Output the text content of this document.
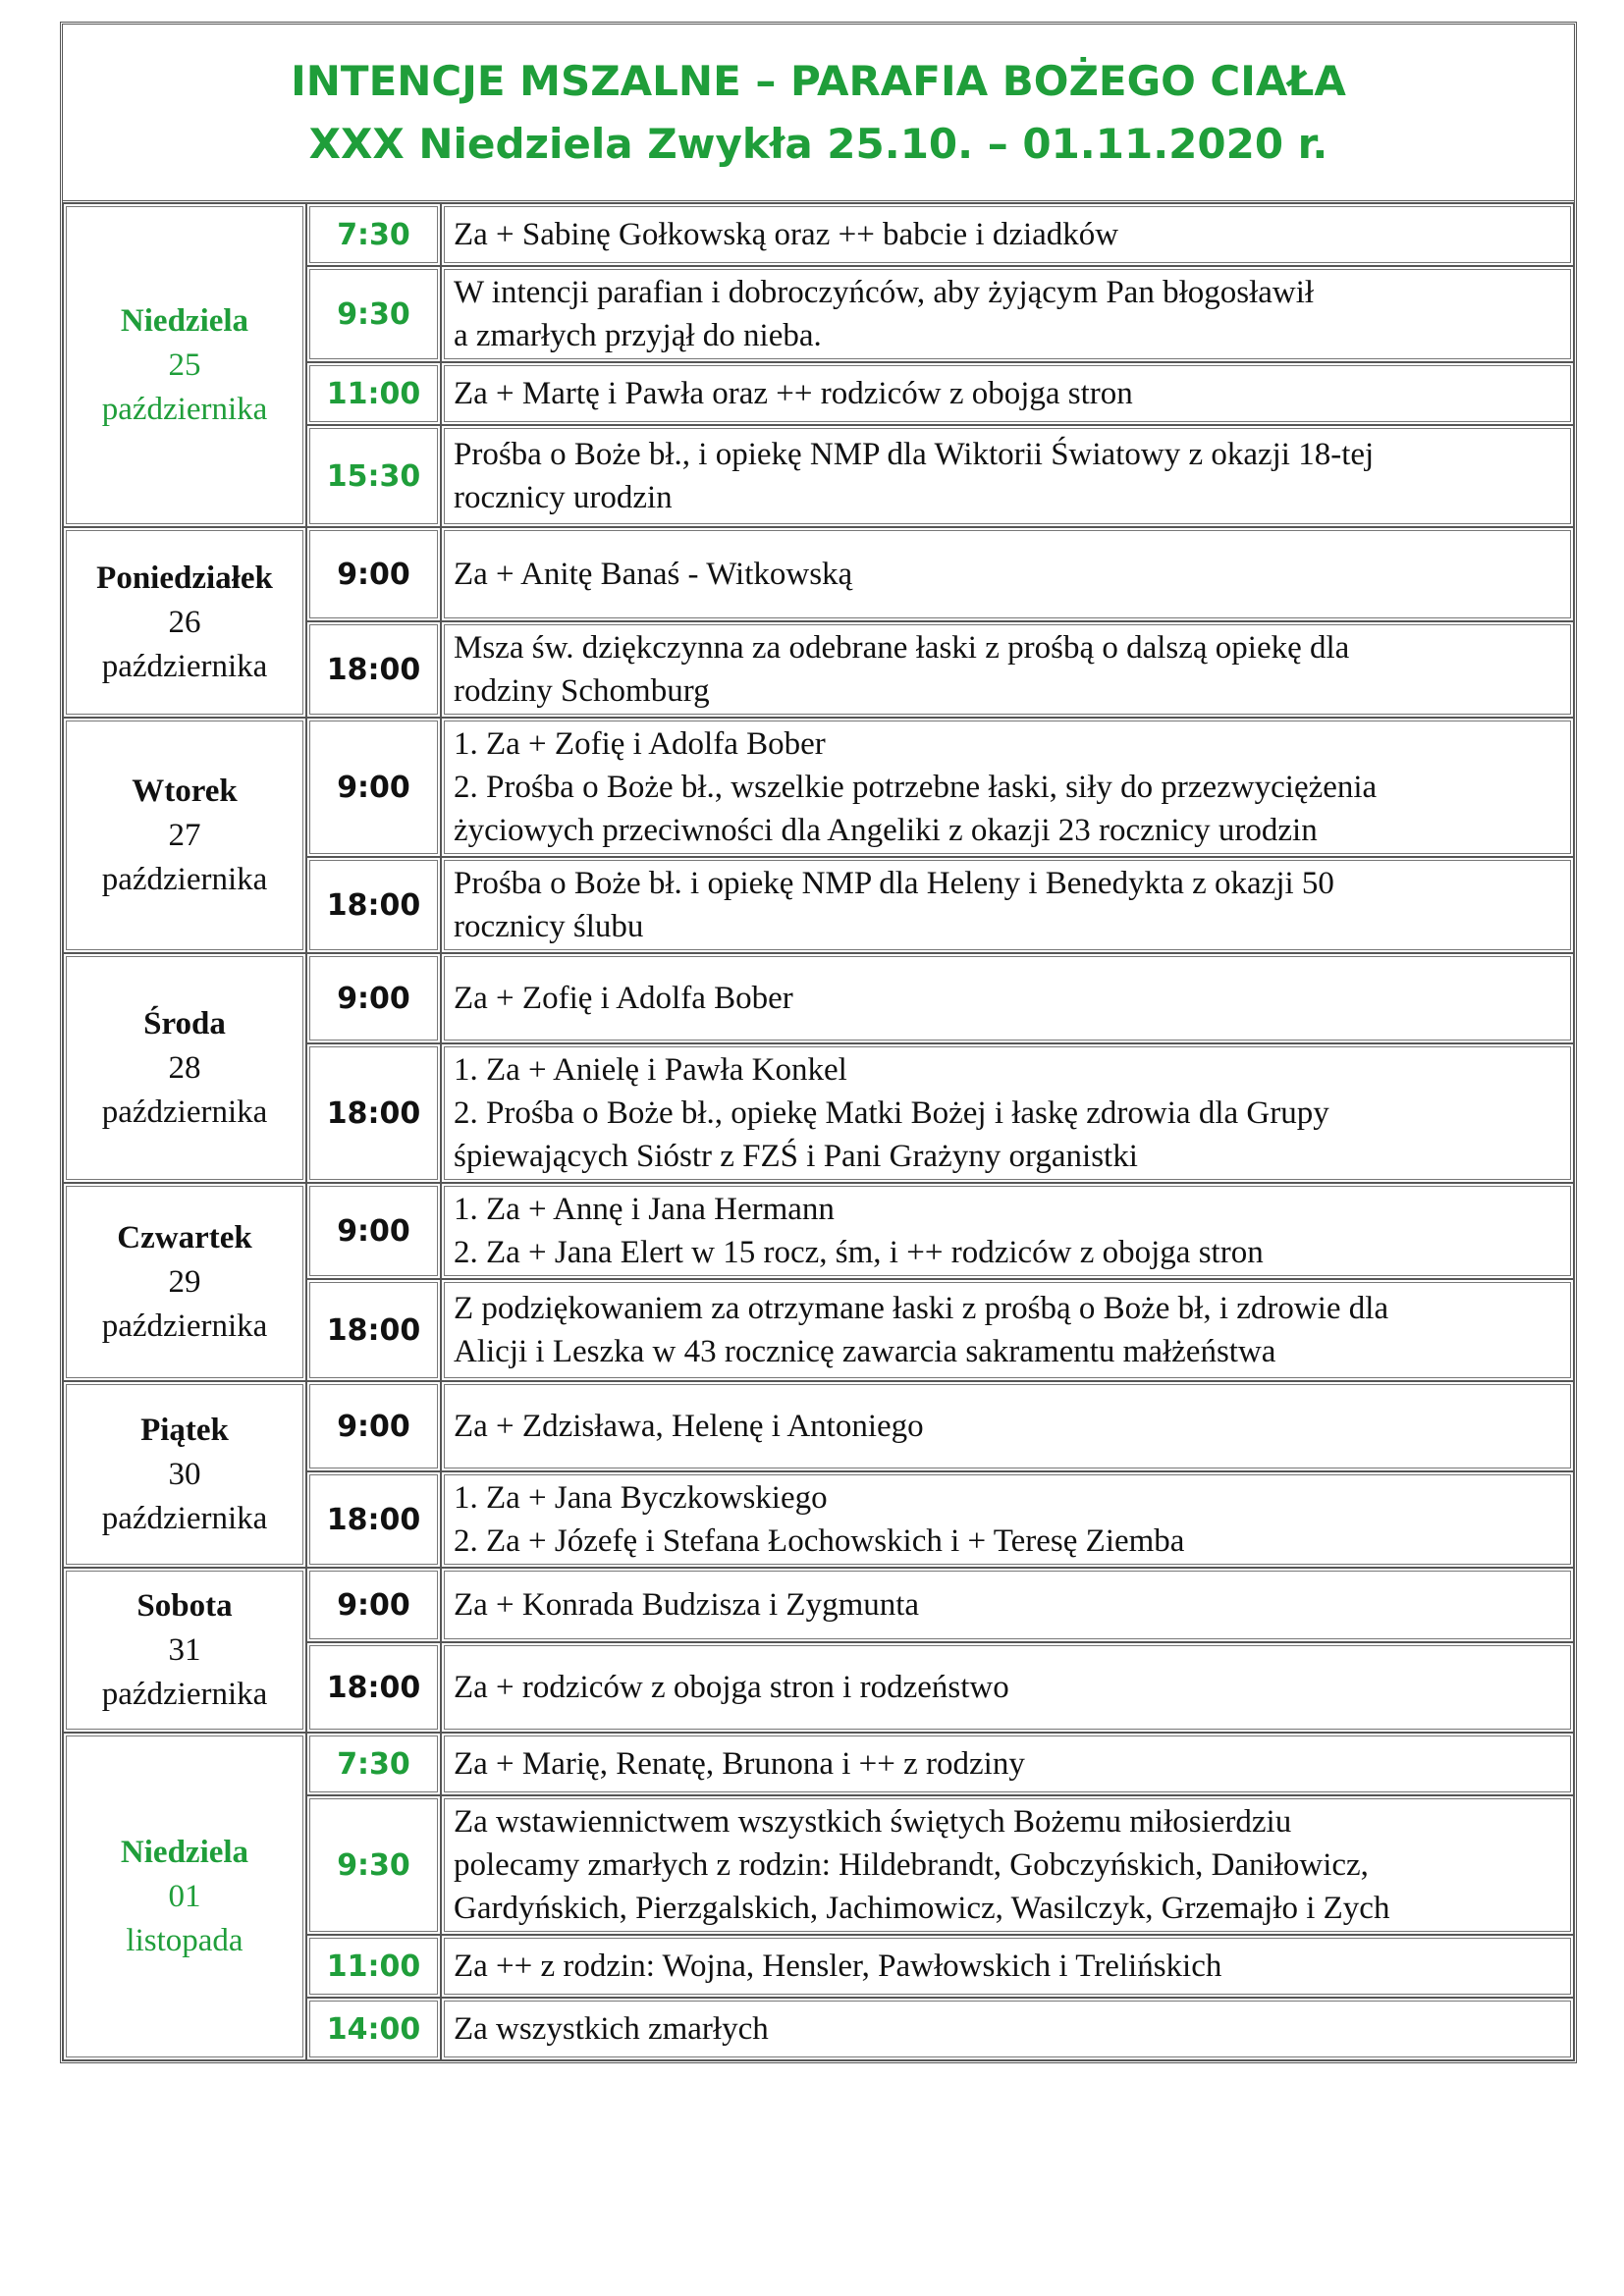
INTENCJE MSZALNE – PARAFIA BOŻEGO CIAŁA
XXX Niedziela Zwykła 25.10. – 01.11.2020 r.
Niedziela
25
października	7:30	Za + Sabinę Gołkowską oraz ++ babcie i dziadków
	9:30	W intencji parafian i dobroczyńców, aby żyjącym Pan błogosławił
a zmarłych przyjął do nieba.
	11:00	Za + Martę i Pawła oraz ++ rodziców z obojga stron
	15:30	Prośba o Boże bł., i opiekę NMP dla Wiktorii Światowy z okazji 18-tej
rocznicy urodzin

Poniedziałek
26
października	9:00	Za + Anitę Banaś - Witkowską
	18:00	Msza św. dziękczynna za odebrane łaski z prośbą o dalszą opiekę dla
rodziny Schomburg

Wtorek
27
października	9:00	1. Za + Zofię i Adolfa Bober
2. Prośba o Boże bł., wszelkie potrzebne łaski, siły do przezwyciężenia
życiowych przeciwności dla Angeliki z okazji 23 rocznicy urodzin
	18:00	Prośba o Boże bł. i opiekę NMP dla Heleny i Benedykta z okazji 50
rocznicy ślubu

Środa
28
października	9:00	Za + Zofię i Adolfa Bober
	18:00	1. Za + Anielę i Pawła Konkel
2. Prośba o Boże bł., opiekę Matki Bożej i łaskę zdrowia dla Grupy
śpiewających Sióstr z FZŚ i Pani Grażyny organistki

Czwartek
29
października	9:00	1. Za + Annę i Jana Hermann
2. Za + Jana Elert w 15 rocz, śm, i ++ rodziców z obojga stron
	18:00	Z podziękowaniem za otrzymane łaski z prośbą o Boże bł, i zdrowie dla
Alicji i Leszka w 43 rocznicę zawarcia sakramentu małżeństwa

Piątek
30
października	9:00	Za + Zdzisława, Helenę i Antoniego
	18:00	1. Za + Jana Byczkowskiego
2. Za + Józefę i Stefana Łochowskich i + Teresę Ziemba

Sobota
31
października	9:00	Za + Konrada Budzisza i Zygmunta
	18:00	Za + rodziców z obojga stron i rodzeństwo

Niedziela
01
listopada	7:30	Za + Marię, Renatę, Brunona i ++ z rodziny
	9:30	Za wstawiennictwem wszystkich świętych Bożemu miłosierdziu
polecamy zmarłych z rodzin: Hildebrandt, Gobczyńskich, Daniłowicz,
Gardyńskich, Pierzgalskich, Jachimowicz, Wasilczyk, Grzemajło i Zych
	11:00	Za ++ z rodzin: Wojna, Hensler, Pawłowskich i Trelińskich
	14:00	Za wszystkich zmarłych
